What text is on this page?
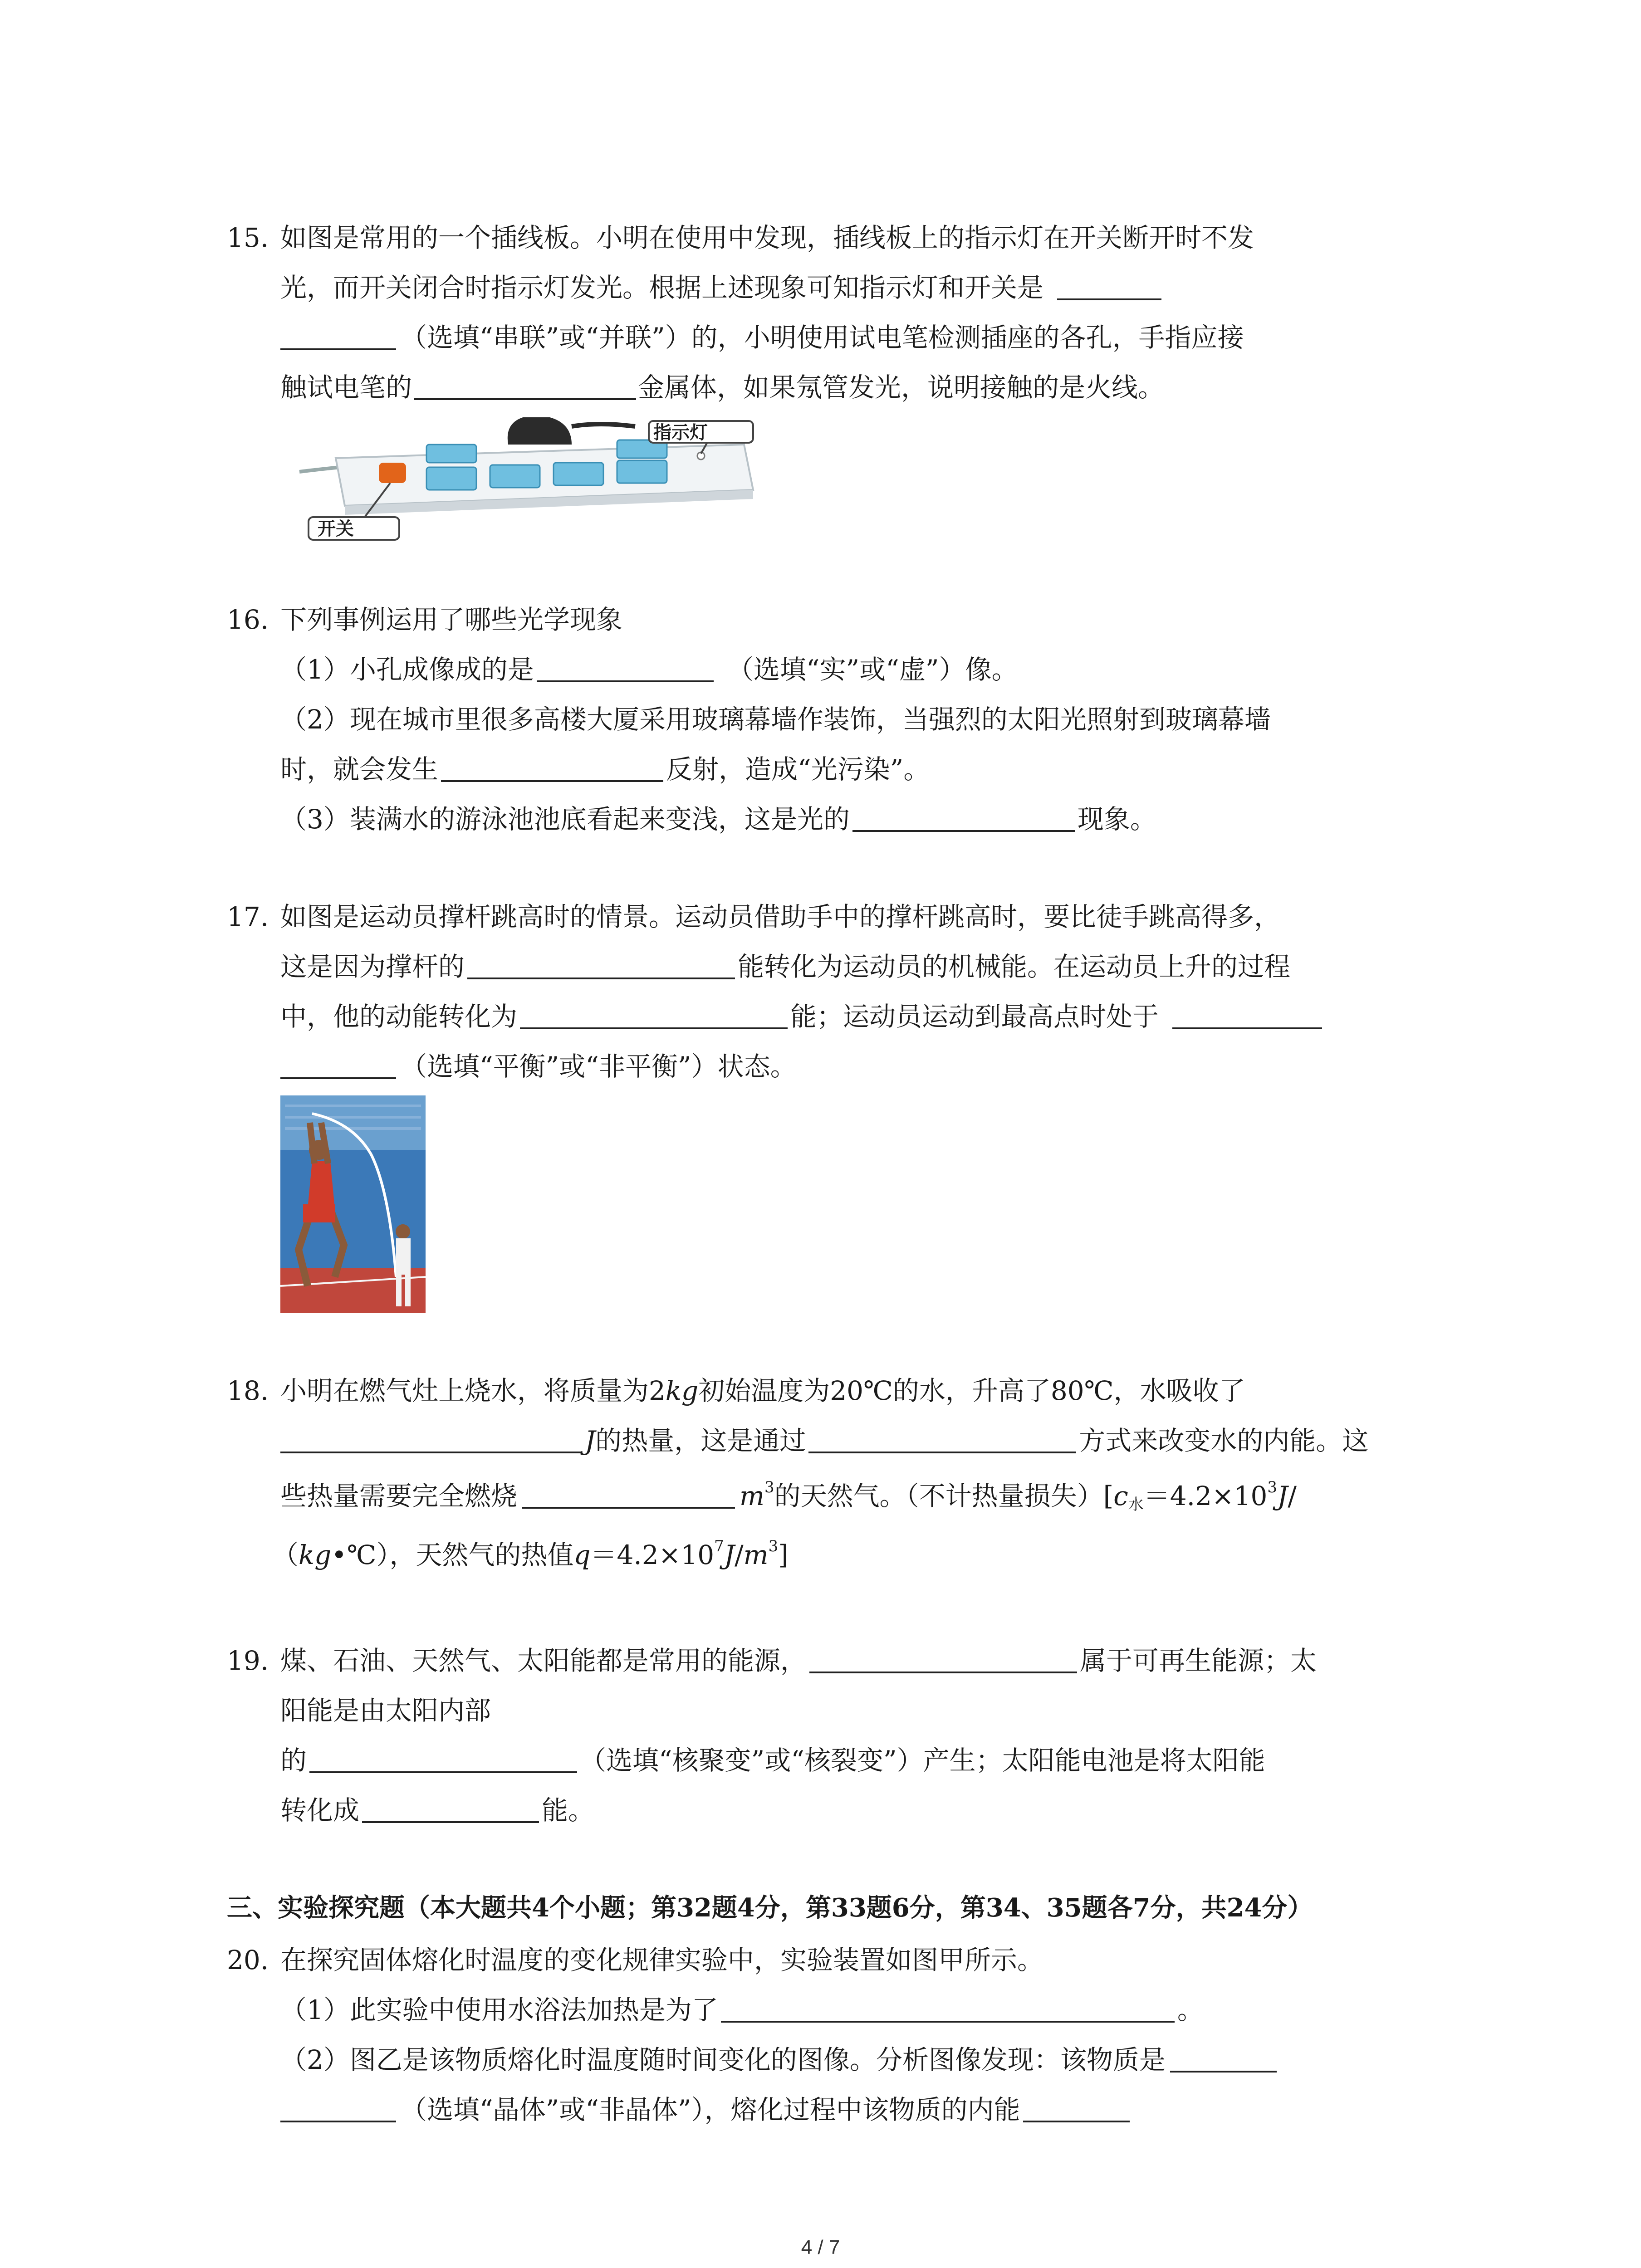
15. 如图是常用的一个插线板。小明在使用中发现，插线板上的指示灯在开关断开时不发
光，而开关闭合时指示灯发光。根据上述现象可知指示灯和开关是
（选填“串联”或“并联”）的，小明使用试电笔检测插座的各孔，手指应接
触试电笔的	金属体，如果氖管发光，说明接触的是火线。
指示灯
开关
16. 下列事例运用了哪些光学现象
（1）小孔成像成的是	（选填“实”或“虚”）像。
（2）现在城市里很多高楼大厦采用玻璃幕墙作装饰，当强烈的太阳光照射到玻璃幕墙
时，就会发生	反射，造成“光污染”。
（3）装满水的游泳池池底看起来变浅，这是光的	现象。
17. 如图是运动员撑杆跳高时的情景。运动员借助手中的撑杆跳高时，要比徒手跳高得多，
这是因为撑杆的	能转化为运动员的机械能。在运动员上升的过程
中，他的动能转化为	能；运动员运动到最高点时处于
（选填“平衡”或“非平衡”）状态。
18. 小明在燃气灶上烧水，将质量为2kg初始温度为20℃的水，升高了80℃，水吸收了
J的热量，这是通过	方式来改变水的内能。这
些热量需要完全燃烧	$m^3$的天然气。（不计热量损失）[$c_水=4.2\times 10^3J/$
（kg•℃），天然气的热值$q=4.2\times 10^7J/m^3$]
19. 煤、石油、天然气、太阳能都是常用的能源，	属于可再生能源；太
阳能是由太阳内部
的	（选填“核聚变”或“核裂变”）产生；太阳能电池是将太阳能
转化成	能。
三、实验探究题（本大题共4个小题；第32题4分，第33题6分，第34、35题各7分，共24分）
20. 在探究固体熔化时温度的变化规律实验中，实验装置如图甲所示。
（1）此实验中使用水浴法加热是为了	。
（2）图乙是该物质熔化时温度随时间变化的图像。分析图像发现：该物质是
（选填“晶体”或“非晶体”），熔化过程中该物质的内能
4 / 7
